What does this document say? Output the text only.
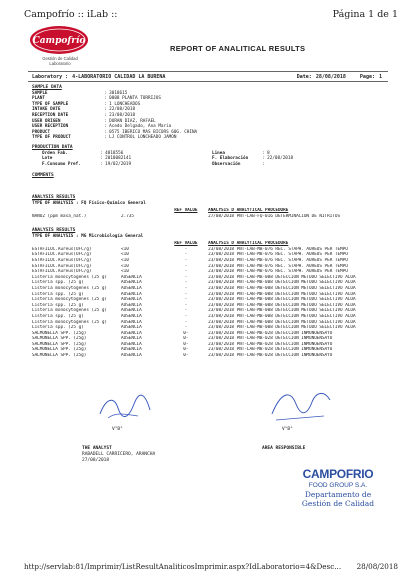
Campofrío :: iLab ::	Página 1 de 1
Campofrío
Gestión de Calidad
Laboratorio
REPORT OF ANALITICAL RESULTS
Laboratory : 4-LABORATORIO CALIDAD LA BURENA	Date: 28/08/2018	Page: 1
SAMPLE DATA
SAMPLE	: 3018615
PLANT	: 0808 PLANTA TORRIJOS
TYPE OF SAMPLE	: 1 LONCHEADOS
INTAKE DATE	: 22/08/2018
RECEPTION DATE	: 23/08/2018
USER ORIGEN	: DURAN DIAZ, RAFAEL
USER RECEPTION	: Acedo Delgado, Ana Maria
PRODUCT	: 0575 IBERICO MAS BICORS 60G. CHINA
TYPE OF PRODUCT	: LJ CONTROL LONCHEADO JAMON
PRODUCTION DATA
Orden Fab.	: 4818556
Lote	: 2018082141
F.Consumo Pref.	: 19/02/2019
Linea	: 8
F. Elaboración	: 22/08/2018
Observación	:
COMMENTS
ANALYSIS RESULTS
TYPE OF ANALYSIS : FQ Físico-Químico General
REF VALUE	ANALYSIS D ANALYTICAL PROCEDURE
NANO2 (ppm masa_nat.)	2.735	27/08/2018 PNT-LAB-FQ-016 DETERMINACIÓN DE NITRITOS
ANALYSIS RESULTS
TYPE OF ANALYSIS : MG Microbiología General
REF VALUE	ANALYSIS D ANALYTICAL PROCEDURE
ESTAFILOC.Aureus(UFC/g)	<10	-	23/08/2018 PNT-LAB-MB-076 REC. STAPH. AUREUS PER TEMPO
ESTAFILOC.Aureus(UFC/g)	<10	-	23/08/2018 PNT-LAB-MB-076 REC. STAPH. AUREUS PER TEMPO
ESTAFILOC.Aureus(UFC/g)	<10	-	23/08/2018 PNT-LAB-MB-076 REC. STAPH. AUREUS PER TEMPO
ESTAFILOC.Aureus(UFC/g)	<10	-	23/08/2018 PNT-LAB-MB-076 REC. STAPH. AUREUS PER TEMPO
ESTAFILOC.Aureus(UFC/g)	<10	-	23/08/2018 PNT-LAB-MB-076 REC. STAPH. AUREUS PER TEMPO
Listeria monocytogenes (25 g)	AUSENCIA	-	23/08/2018 PNT-LAB-MB-008 DETECCION METODO SELECTIVO ALOA
Listeria spp. (25 g)	AUSENCIA	-	23/08/2018 PNT-LAB-MB-008 DETECCION METODO SELECTIVO ALOA
Listeria monocytogenes (25 g)	AUSENCIA	-	23/08/2018 PNT-LAB-MB-008 DETECCION METODO SELECTIVO ALOA
Listeria spp. (25 g)	AUSENCIA	-	23/08/2018 PNT-LAB-MB-008 DETECCION METODO SELECTIVO ALOA
Listeria monocytogenes (25 g)	AUSENCIA	-	23/08/2018 PNT-LAB-MB-008 DETECCION METODO SELECTIVO ALOA
Listeria spp. (25 g)	AUSENCIA	-	23/08/2018 PNT-LAB-MB-008 DETECCION METODO SELECTIVO ALOA
Listeria monocytogenes (25 g)	AUSENCIA	-	23/08/2018 PNT-LAB-MB-008 DETECCION METODO SELECTIVO ALOA
Listeria spp. (25 g)	AUSENCIA	-	23/08/2018 PNT-LAB-MB-008 DETECCION METODO SELECTIVO ALOA
Listeria monocytogenes (25 g)	AUSENCIA	-	23/08/2018 PNT-LAB-MB-008 DETECCION METODO SELECTIVO ALOA
Listeria spp. (25 g)	AUSENCIA	-	23/08/2018 PNT-LAB-MB-008 DETECCION METODO SELECTIVO ALOA
SALMONELLA SPP. (25g)	AUSENCIA	0-	23/08/2018 PNT-LAB-MB-028 DETECCION INMUNOENSAYO
SALMONELLA SPP. (25g)	AUSENCIA	0-	23/08/2018 PNT-LAB-MB-028 DETECCION INMUNOENSAYO
SALMONELLA SPP. (25g)	AUSENCIA	0-	23/08/2018 PNT-LAB-MB-028 DETECCION INMUNOENSAYO
SALMONELLA SPP. (25g)	AUSENCIA	0-	23/08/2018 PNT-LAB-MB-028 DETECCION INMUNOENSAYO
SALMONELLA SPP. (25g)	AUSENCIA	0-	23/08/2018 PNT-LAB-MB-028 DETECCION INMUNOENSAYO
V°B°	V°B°
THE ANALYST
RABADELL CARRICERO, ARANCHA
27/08/2018
AREA RESPONSIBLE
CAMPOFRIO
FOOD GROUP S.A.
Departamento de
Gestión de Calidad
http://servlab:81/Imprimir/ListResultAnaliticosImprimir.aspx?IdLaboratorio=4&Desc... 28/08/2018
